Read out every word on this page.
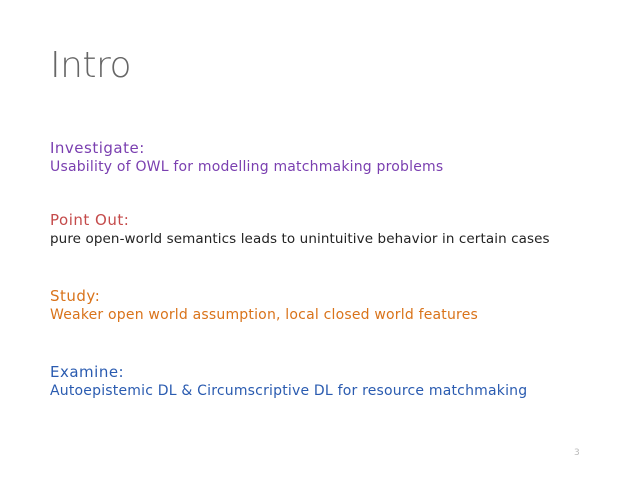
Intro
Investigate:
Usability of OWL for modelling matchmaking problems
Point Out:
pure open-world semantics leads to unintuitive behavior in certain cases
Study:
Weaker open world assumption, local closed world features
Examine:
Autoepistemic DL & Circumscriptive DL for resource matchmaking
3
